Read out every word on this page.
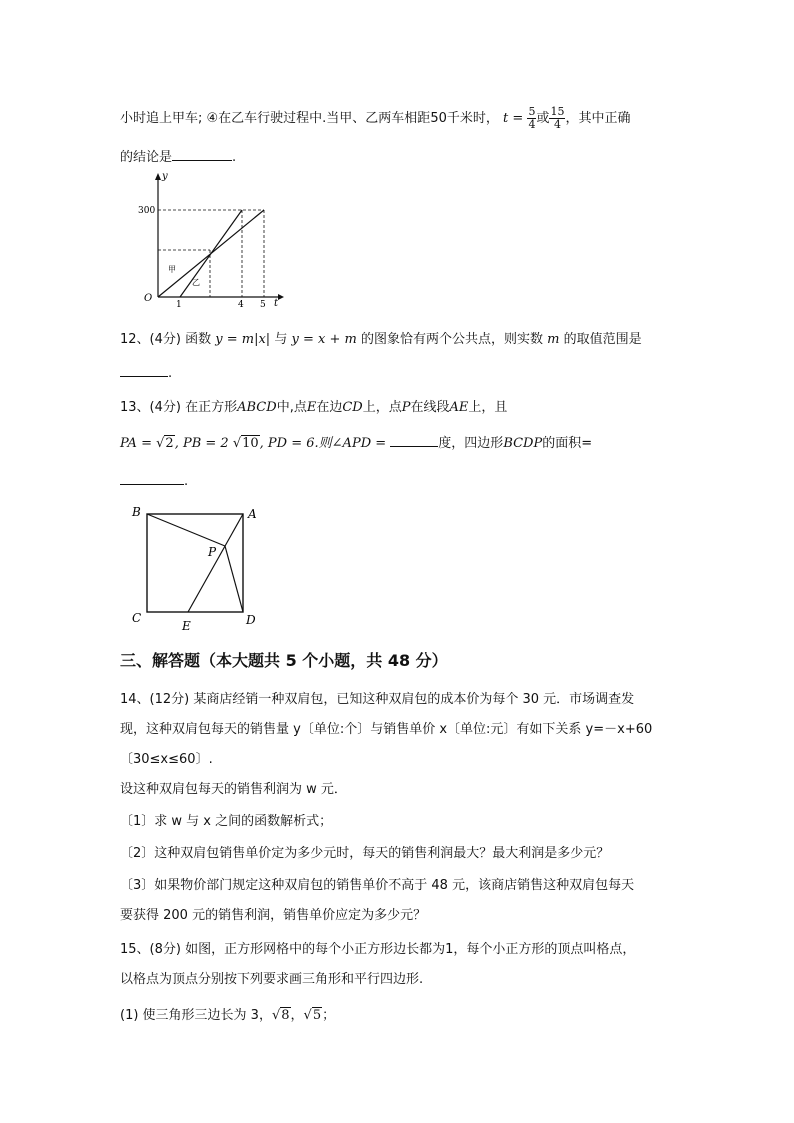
小时追上甲车; ④在乙车行驶过程中.当甲、乙两车相距50千米时， $t = \frac{5}{4}$ 或 $\frac{15}{4}$ ，其中正确
的结论是	.
y
t
O
300
1	4 5
甲
乙
12、(4分) 函数 y = m|x| 与 y = x + m 的图象恰有两个公共点，则实数 m 的取值范围是
.
13、(4分) 在正方形ABCD中,点E在边CD上，点P在线段AE上，且
PA = √2, PB = 2 √10, PD = 6.则∠APD =	度，四边形BCDP的面积=
.
B	A
C	D
E
P
三、解答题（本大题共 5 个小题，共 48 分）
14、(12分) 某商店经销一种双肩包，已知这种双肩包的成本价为每个 30 元．市场调查发
现，这种双肩包每天的销售量 y〔单位:个〕与销售单价 x〔单位:元〕有如下关系 y=－x+60
〔30≤x≤60〕.
设这种双肩包每天的销售利润为 w 元．
〔1〕求 w 与 x 之间的函数解析式；
〔2〕这种双肩包销售单价定为多少元时，每天的销售利润最大？最大利润是多少元？
〔3〕如果物价部门规定这种双肩包的销售单价不高于 48 元，该商店销售这种双肩包每天
要获得 200 元的销售利润，销售单价应定为多少元？
15、(8分) 如图，正方形网格中的每个小正方形边长都为1，每个小正方形的顶点叫格点，
以格点为顶点分别按下列要求画三角形和平行四边形.
(1) 使三角形三边长为 3，√8，√5；
